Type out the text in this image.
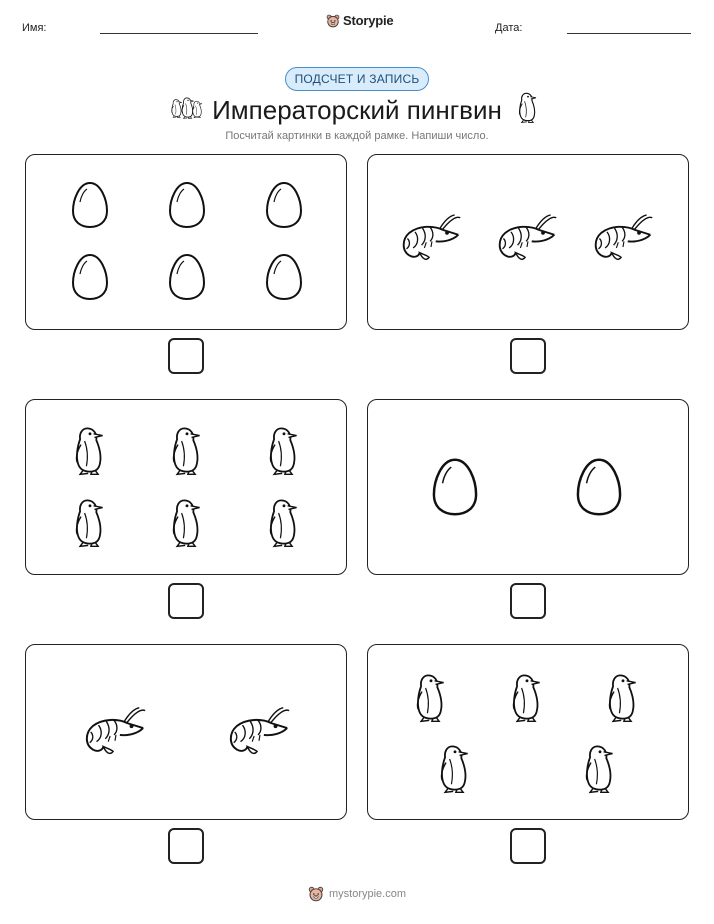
Имя:	Storypie	Дата:
ПОДСЧЕТ И ЗАПИСЬ
Императорский пингвин
Посчитай картинки в каждой рамке. Напиши число.
mystorypie.com
